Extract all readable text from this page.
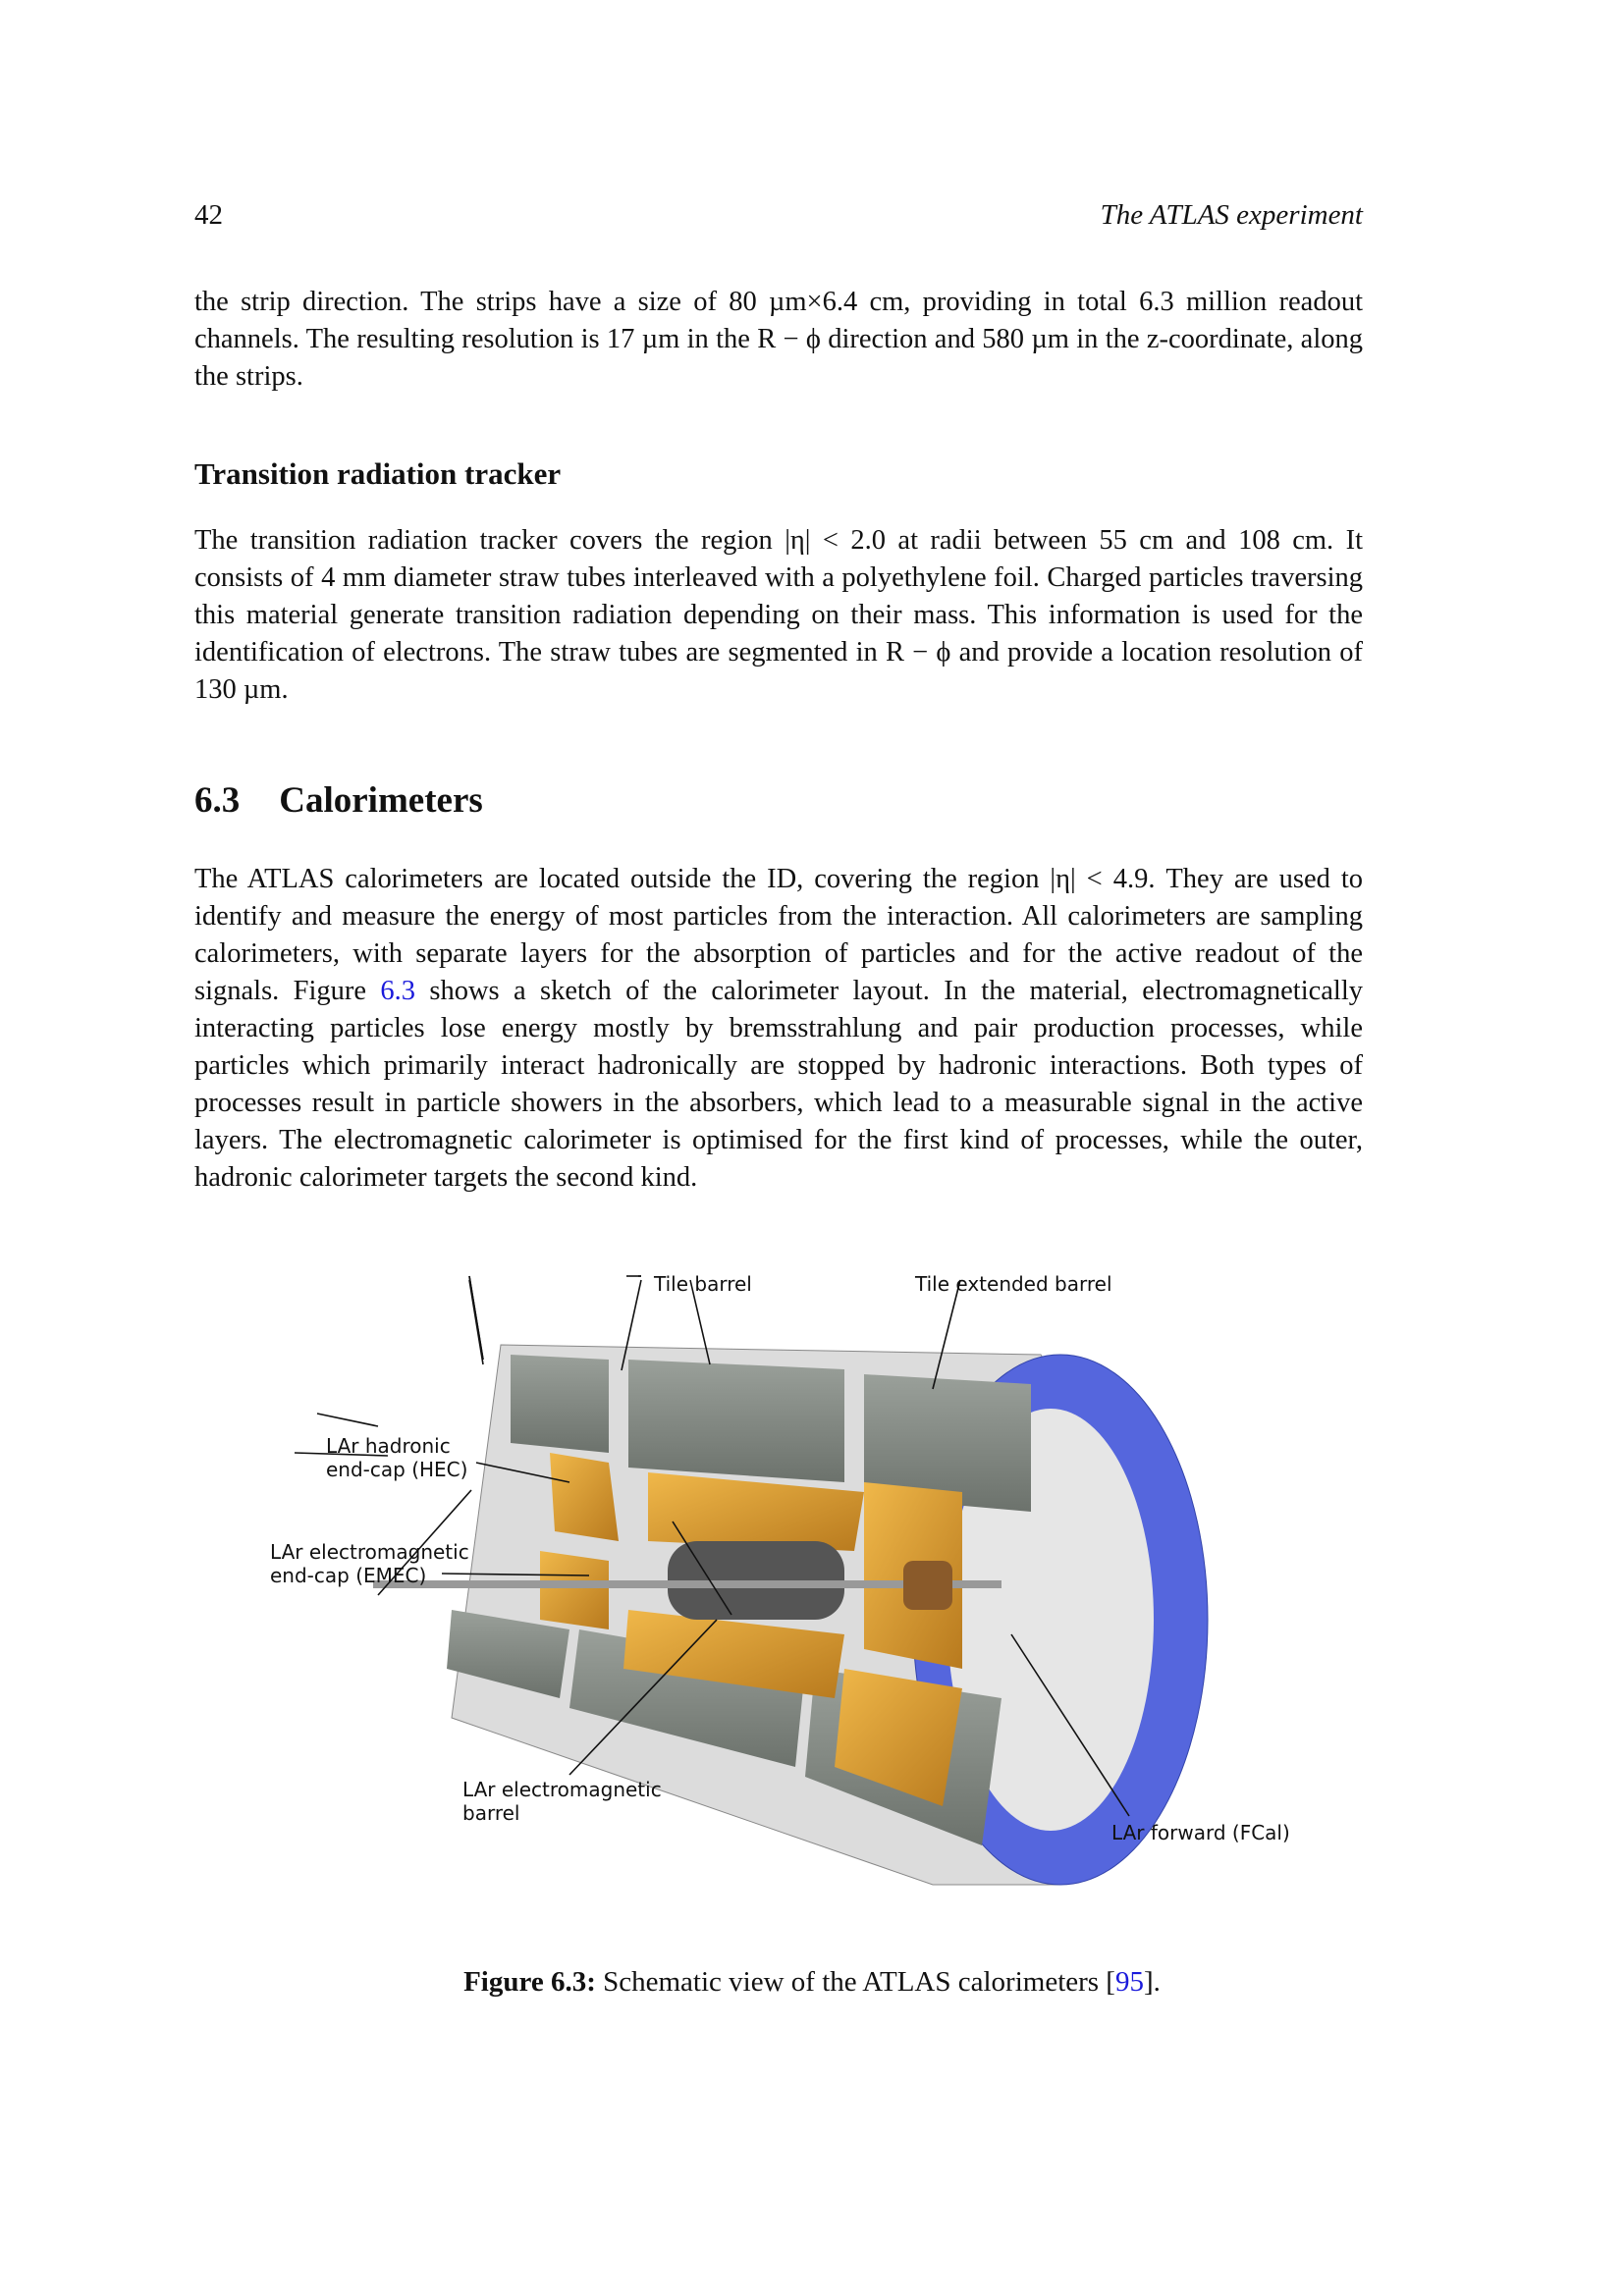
42	The ATLAS experiment
the strip direction. The strips have a size of 80 µm×6.4 cm, providing in total 6.3 million readout channels. The resulting resolution is 17 µm in the R − ϕ direction and 580 µm in the z-coordinate, along the strips.
Transition radiation tracker
The transition radiation tracker covers the region |η| < 2.0 at radii between 55 cm and 108 cm. It consists of 4 mm diameter straw tubes interleaved with a polyethylene foil. Charged particles traversing this material generate transition radiation depending on their mass. This information is used for the identification of electrons. The straw tubes are segmented in R − ϕ and provide a location resolution of 130 µm.
6.3 Calorimeters
The ATLAS calorimeters are located outside the ID, covering the region |η| < 4.9. They are used to identify and measure the energy of most particles from the interaction. All calorimeters are sampling calorimeters, with separate layers for the absorption of particles and for the active readout of the signals. Figure 6.3 shows a sketch of the calorimeter layout. In the material, electromagnetically interacting particles lose energy mostly by bremsstrahlung and pair production processes, while particles which primarily interact hadronically are stopped by hadronic interactions. Both types of processes result in particle showers in the absorbers, which lead to a measurable signal in the active layers. The electromagnetic calorimeter is optimised for the first kind of processes, while the outer, hadronic calorimeter targets the second kind.
Tile barrel	Tile extended barrel
LAr hadronic
end-cap (HEC)
LAr electromagnetic
end-cap (EMEC)
LAr electromagnetic
barrel
LAr forward (FCal)
Figure 6.3: Schematic view of the ATLAS calorimeters [95].
